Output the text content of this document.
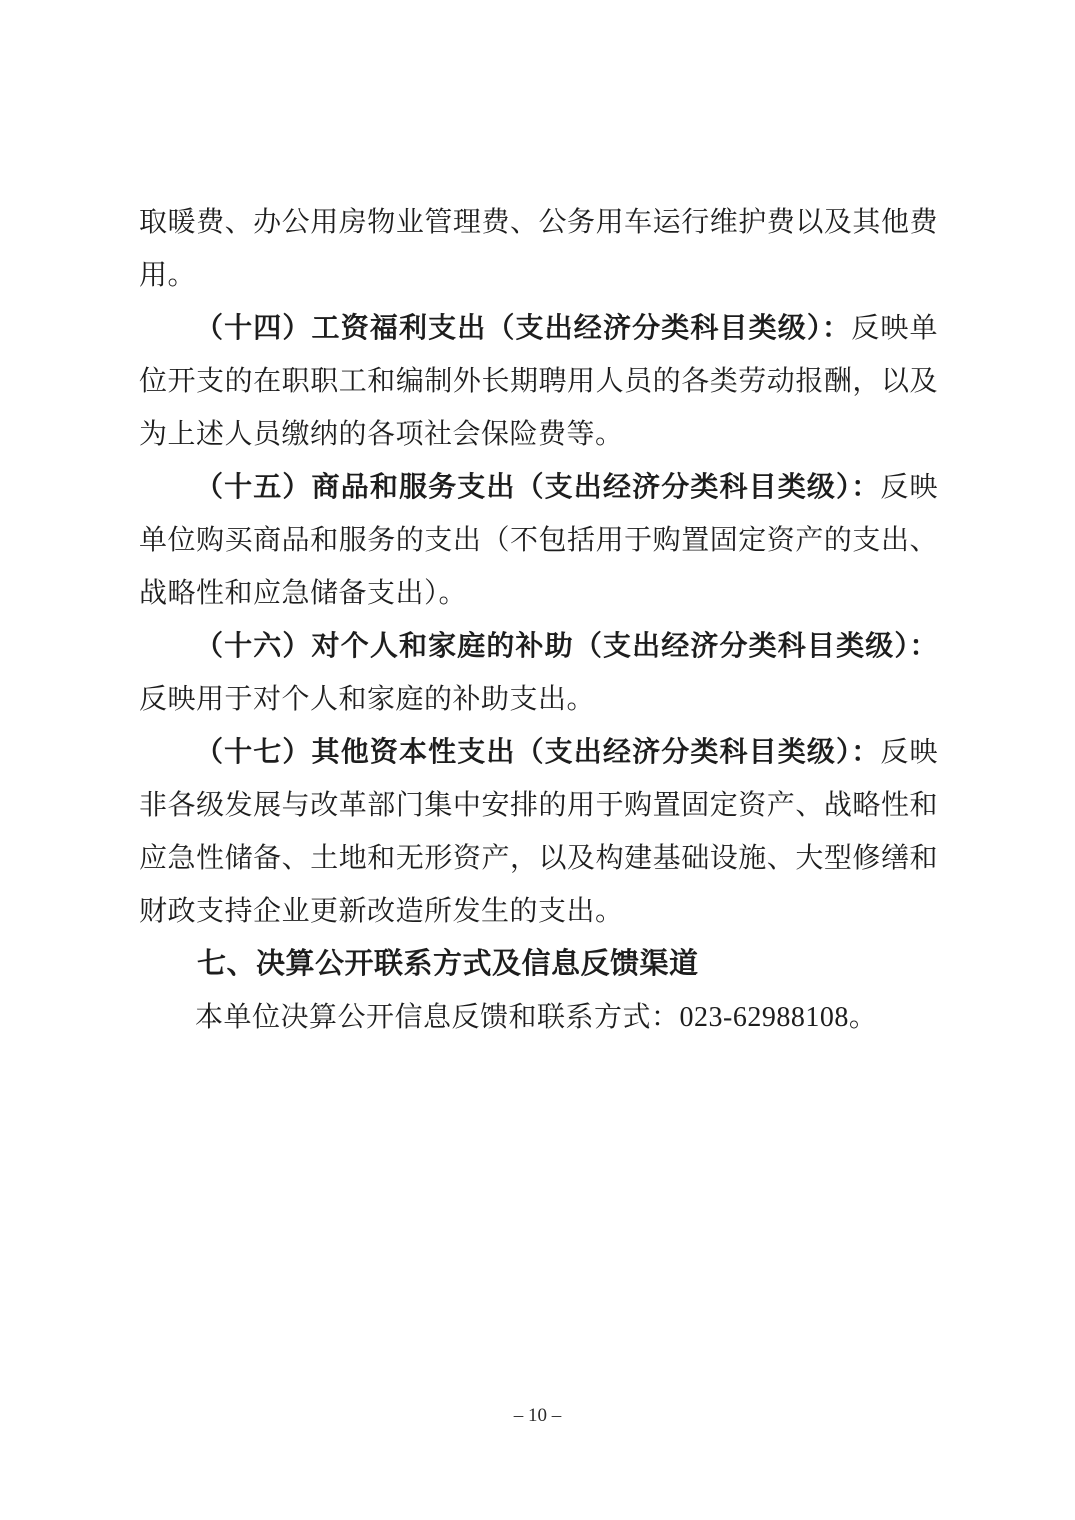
取暖费、办公用房物业管理费、公务用车运行维护费以及其他费用。

（十四）工资福利支出（支出经济分类科目类级）：反映单位开支的在职职工和编制外长期聘用人员的各类劳动报酬，以及为上述人员缴纳的各项社会保险费等。

（十五）商品和服务支出（支出经济分类科目类级）：反映单位购买商品和服务的支出（不包括用于购置固定资产的支出、战略性和应急储备支出）。

（十六）对个人和家庭的补助（支出经济分类科目类级）：反映用于对个人和家庭的补助支出。

（十七）其他资本性支出（支出经济分类科目类级）：反映非各级发展与改革部门集中安排的用于购置固定资产、战略性和应急性储备、土地和无形资产，以及构建基础设施、大型修缮和财政支持企业更新改造所发生的支出。

七、决算公开联系方式及信息反馈渠道

本单位决算公开信息反馈和联系方式：023-62988108。

– 10 –
